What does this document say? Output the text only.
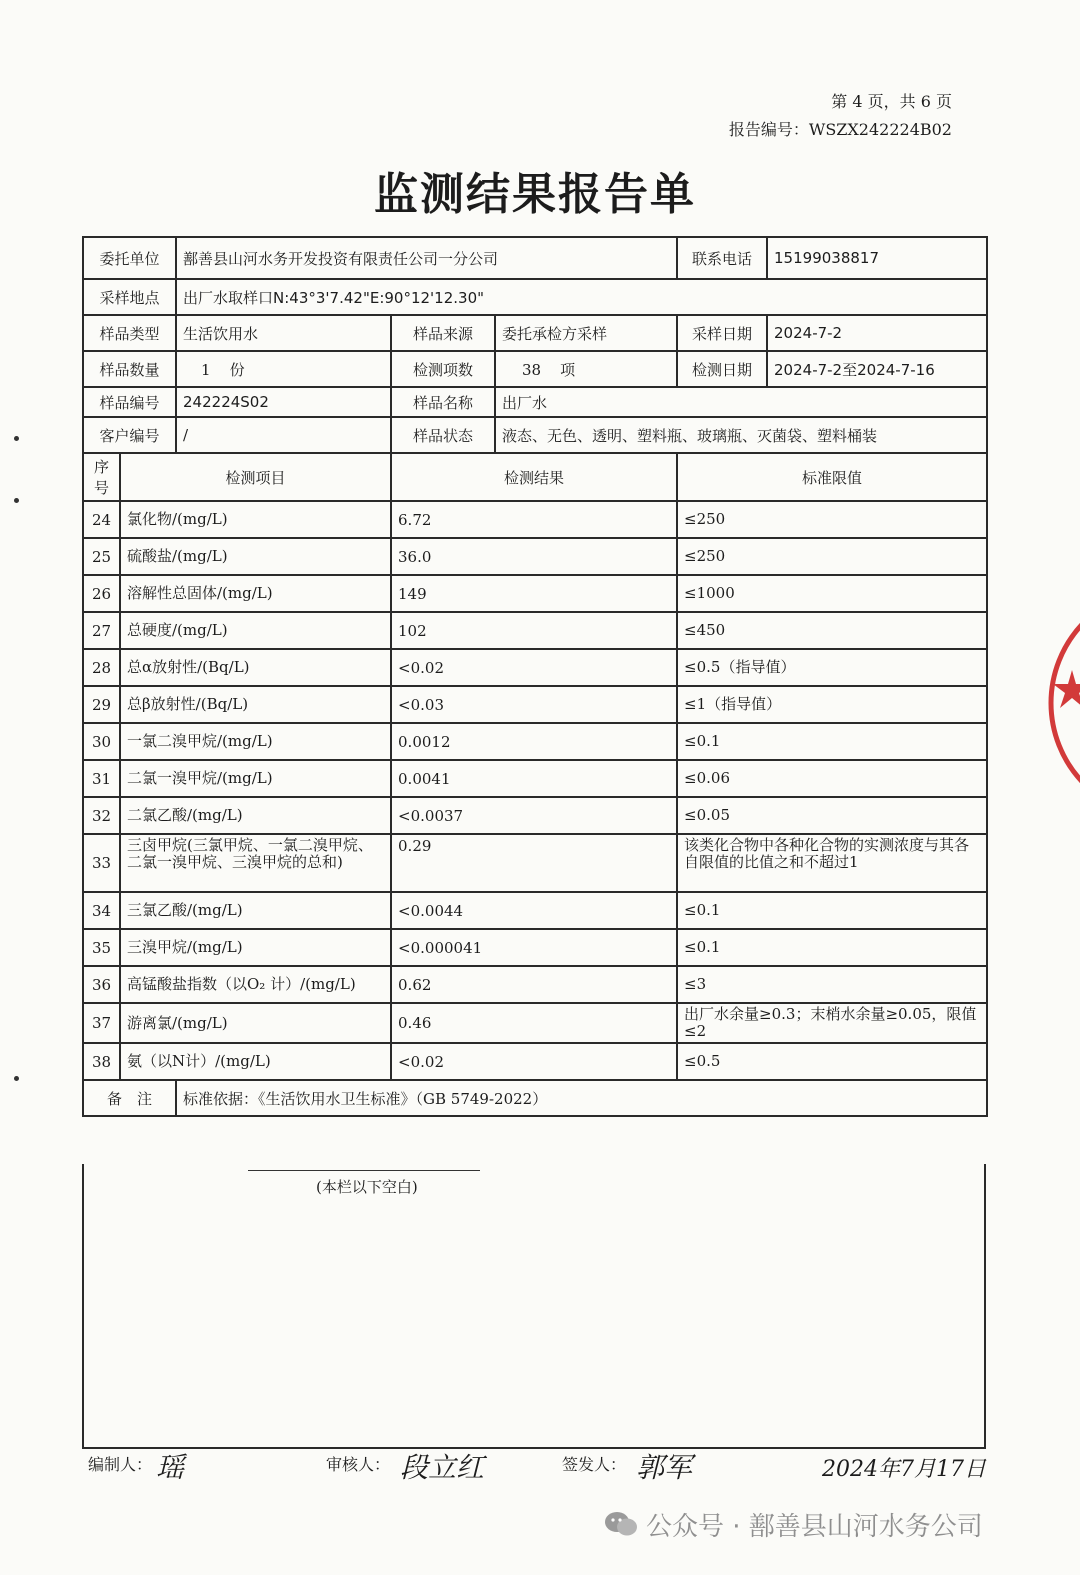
第 4 页，共 6 页
报告编号：WSZX242224B02
监测结果报告单
委托单位		鄯善县山河水务开发投资有限责任公司一分公司			联系电话	15199038817
采样地点		出厂水取样口N:43°3'7.42"E:90°12'12.30"				
样品类型		生活饮用水	样品来源	委托承检方采样	采样日期	2024-7-2
样品数量		1    份	检测项数	38    项	检测日期	2024-7-2至2024-7-16
样品编号		242224S02	样品名称	出厂水		
客户编号		/	样品状态	液态、无色、透明、塑料瓶、玻璃瓶、灭菌袋、塑料桶装		
序号	检测项目		检测结果		标准限值	
24	氯化物/(mg/L)		6.72		≤250	
25	硫酸盐/(mg/L)		36.0		≤250	
26	溶解性总固体/(mg/L)		149		≤1000	
27	总硬度/(mg/L)		102		≤450	
28	总α放射性/(Bq/L)		<0.02		≤0.5（指导值）	
29	总β放射性/(Bq/L)		<0.03		≤1（指导值）	
30	一氯二溴甲烷/(mg/L)		0.0012		≤0.1	
31	二氯一溴甲烷/(mg/L)		0.0041		≤0.06	
32	二氯乙酸/(mg/L)		<0.0037		≤0.05	
33	三卤甲烷(三氯甲烷、一氯二溴甲烷、二氯一溴甲烷、三溴甲烷的总和)		0.29		该类化合物中各种化合物的实测浓度与其各自限值的比值之和不超过1	
34	三氯乙酸/(mg/L)		<0.0044		≤0.1	
35	三溴甲烷/(mg/L)		<0.000041		≤0.1	
36	高锰酸盐指数（以O₂ 计）/(mg/L)		0.62		≤3	
37	游离氯/(mg/L)		0.46		出厂水余量≥0.3；末梢水余量≥0.05，限值≤2	
38	氨（以N计）/(mg/L)		<0.02		≤0.5	
备　注		标准依据：《生活饮用水卫生标准》（GB 5749-2022）				
(本栏以下空白)
编制人： 瑶	审核人： 段立红	签发人： 郭军	2024年7月17日
公众号 · 鄯善县山河水务公司
